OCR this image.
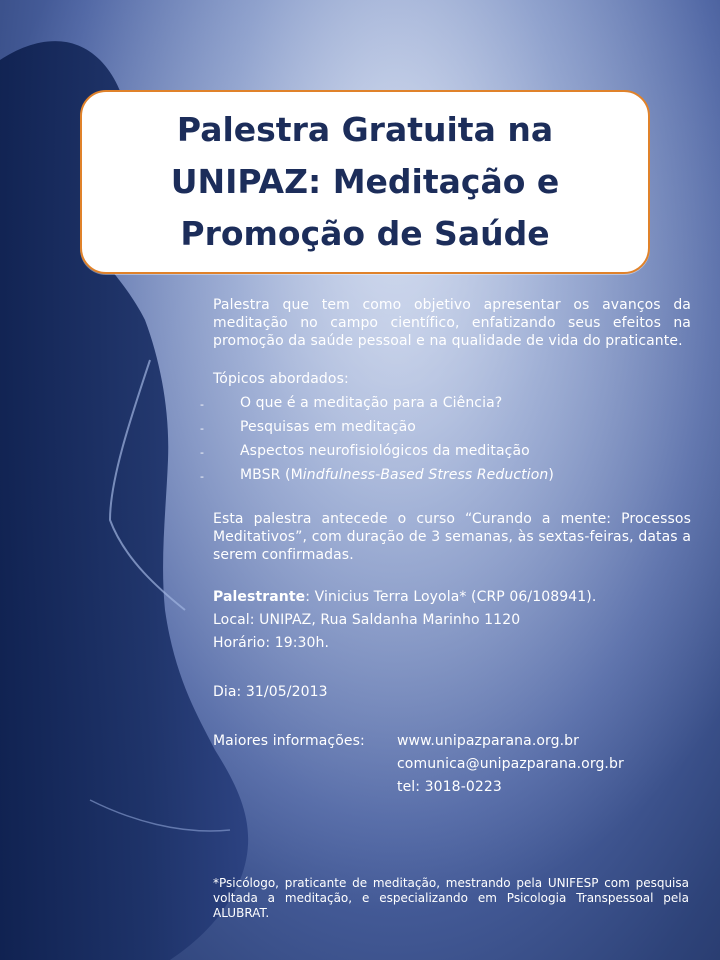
Palestra Gratuita na UNIPAZ: Meditação e Promoção de Saúde

Palestra que tem como objetivo apresentar os avanços da meditação no campo científico, enfatizando seus efeitos na promoção da saúde pessoal e na qualidade de vida do praticante.

Tópicos abordados:

-	O que é a meditação para a Ciência?
-	Pesquisas em meditação
-	Aspectos neurofisiológicos da meditação
-	MBSR (Mindfulness-Based Stress Reduction)

Esta palestra antecede o curso “Curando a mente: Processos Meditativos”, com duração de 3 semanas, às sextas-feiras, datas a serem confirmadas.

Palestrante: Vinicius Terra Loyola* (CRP 06/108941).
Local: UNIPAZ, Rua Saldanha Marinho 1120
Horário: 19:30h.
Dia: 31/05/2013
Maiores informações:	www.unipazparana.org.br
comunica@unipazparana.org.br
tel: 3018-0223
*Psicólogo, praticante de meditação, mestrando pela UNIFESP com pesquisa voltada a meditação, e especializando em Psicologia Transpessoal pela ALUBRAT.
